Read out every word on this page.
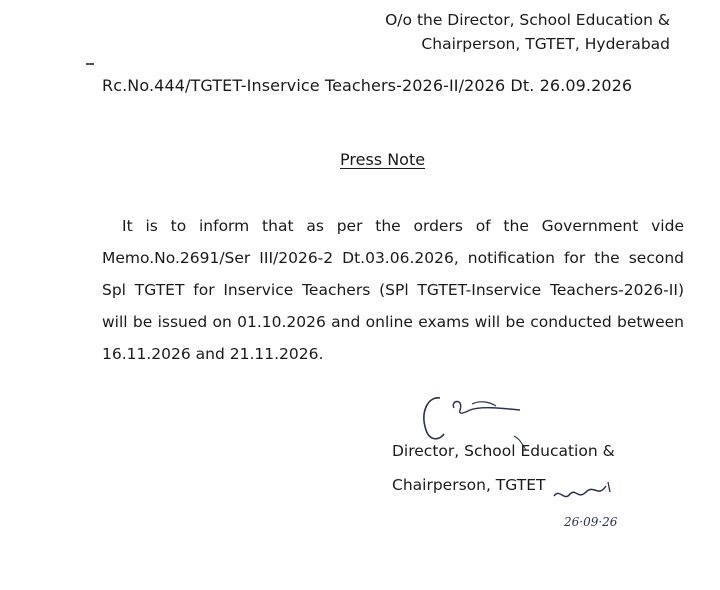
O/o the Director, School Education &
Chairperson, TGTET, Hyderabad
Rc.No.444/TGTET-Inservice Teachers-2026-II/2026 Dt. 26.09.2026
Press Note
It is to inform that as per the orders of the Government vide
Memo.No.2691/Ser III/2026-2 Dt.03.06.2026, notification for the second
Spl TGTET for Inservice Teachers (SPl TGTET-Inservice Teachers-2026-II)
will be issued on 01.10.2026 and online exams will be conducted between
16.11.2026 and 21.11.2026.
Director, School Education &
Chairperson, TGTET
26·09·26
